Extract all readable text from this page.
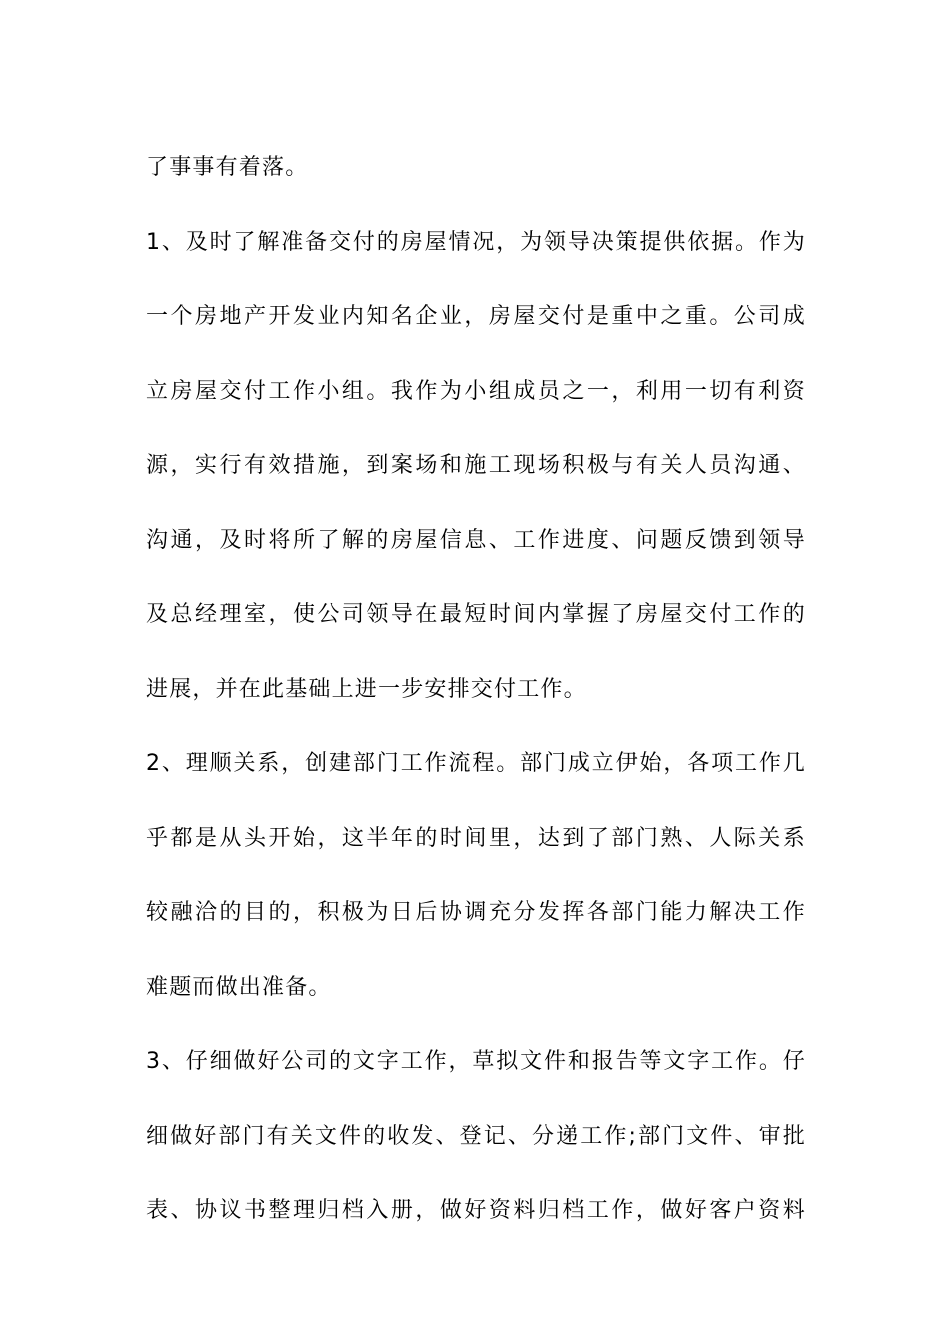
了事事有着落。
1、及时了解准备交付的房屋情况，为领导决策提供依据。作为
一个房地产开发业内知名企业，房屋交付是重中之重。公司成
立房屋交付工作小组。我作为小组成员之一，利用一切有利资
源，实行有效措施，到案场和施工现场积极与有关人员沟通、
沟通，及时将所了解的房屋信息、工作进度、问题反馈到领导
及总经理室，使公司领导在最短时间内掌握了房屋交付工作的
进展，并在此基础上进一步安排交付工作。
2、理顺关系，创建部门工作流程。部门成立伊始，各项工作几
乎都是从头开始，这半年的时间里，达到了部门熟、人际关系
较融洽的目的，积极为日后协调充分发挥各部门能力解决工作
难题而做出准备。
3、仔细做好公司的文字工作，草拟文件和报告等文字工作。仔
细做好部门有关文件的收发、登记、分递工作;部门文件、审批
表、协议书整理归档入册，做好资料归档工作，做好客户资料
